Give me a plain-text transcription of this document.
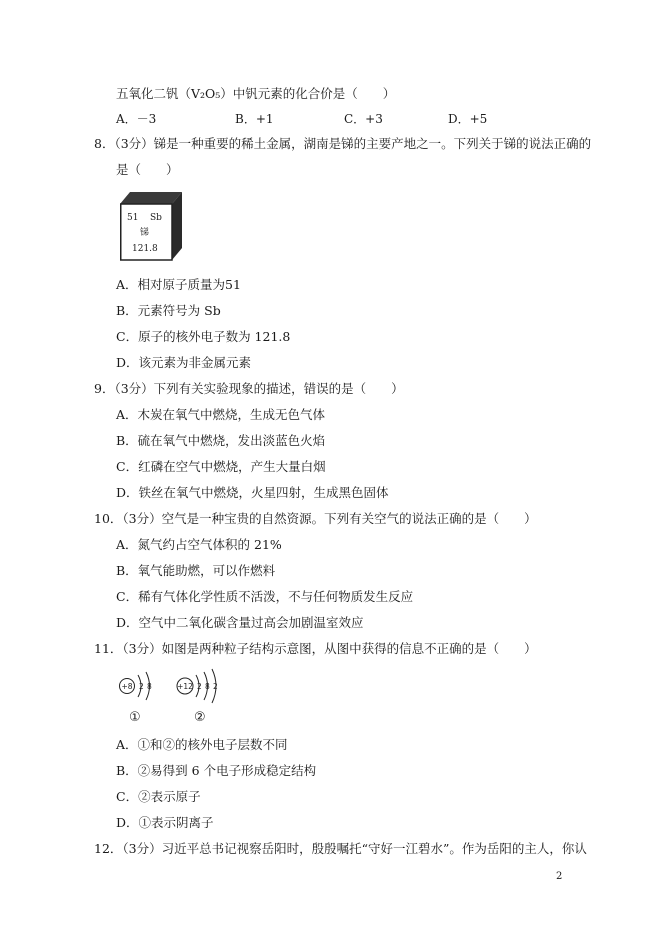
五氧化二钒（V₂O₅）中钒元素的化合价是（　　）
A．－3	B．+1	C．+3	D．+5
8．（3分）锑是一种重要的稀土金属，湖南是锑的主要产地之一。下列关于锑的说法正确的
是（　　）
51 Sb
锑
121.8
A．相对原子质量为51
B．元素符号为 Sb
C．原子的核外电子数为 121.8
D．该元素为非金属元素
9．（3分）下列有关实验现象的描述，错误的是（　　）
A．木炭在氧气中燃烧，生成无色气体
B．硫在氧气中燃烧，发出淡蓝色火焰
C．红磷在空气中燃烧，产生大量白烟
D．铁丝在氧气中燃烧，火星四射，生成黑色固体
10．（3分）空气是一种宝贵的自然资源。下列有关空气的说法正确的是（　　）
A．氮气约占空气体积的 21%
B．氧气能助燃，可以作燃料
C．稀有气体化学性质不活泼，不与任何物质发生反应
D．空气中二氧化碳含量过高会加剧温室效应
11．（3分）如图是两种粒子结构示意图，从图中获得的信息不正确的是（　　）
+8 2 8
①
+12 2 8 2
②
A．①和②的核外电子层数不同
B．②易得到 6 个电子形成稳定结构
C．②表示原子
D．①表示阴离子
12．（3分）习近平总书记视察岳阳时，殷殷嘱托“守好一江碧水”。作为岳阳的主人，你认
2
